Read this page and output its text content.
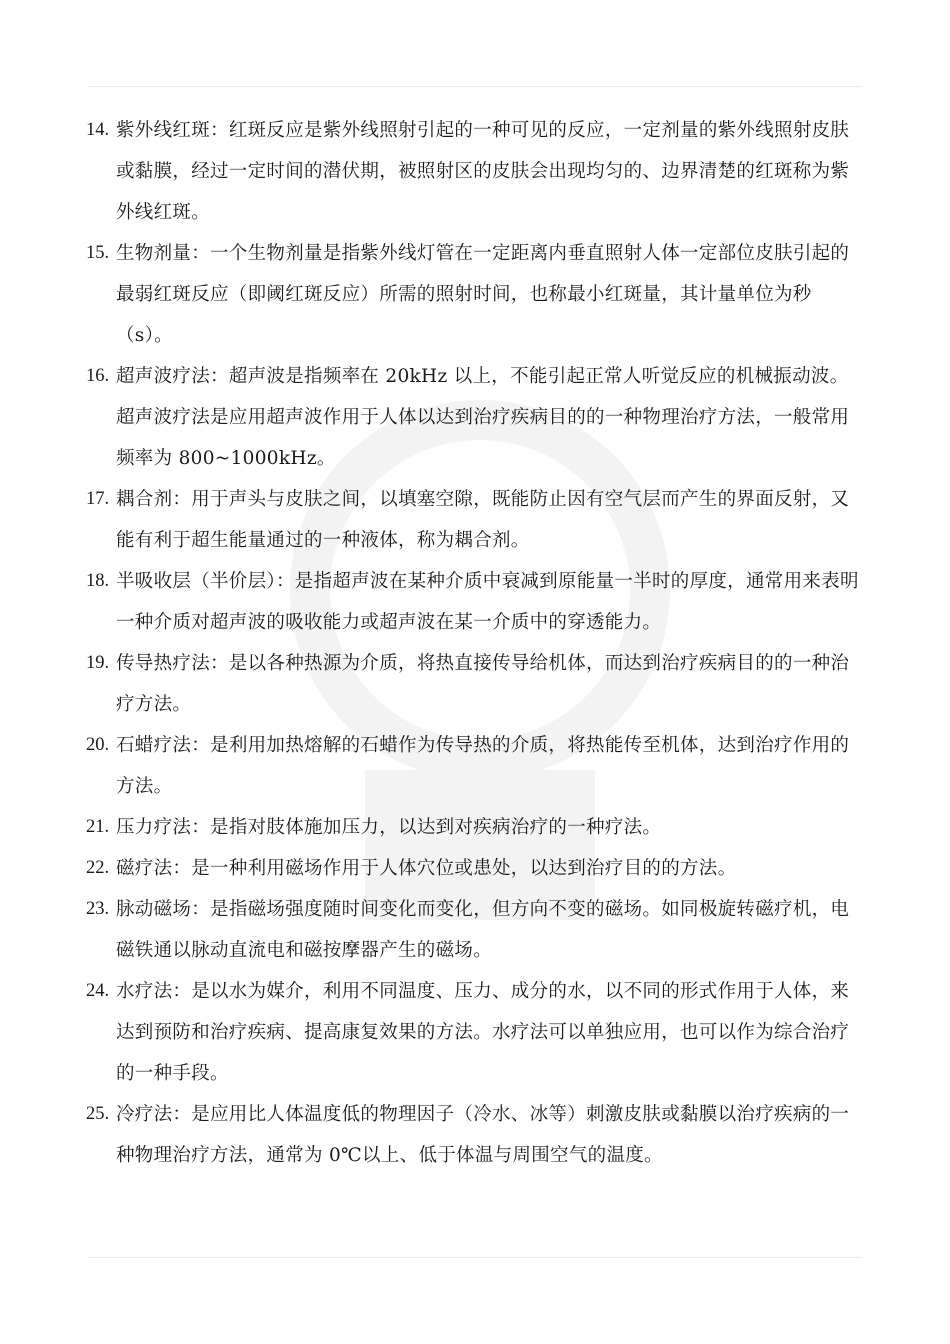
14. 紫外线红斑：红斑反应是紫外线照射引起的一种可见的反应，一定剂量的紫外线照射皮肤或黏膜，经过一定时间的潜伏期，被照射区的皮肤会出现均匀的、边界清楚的红斑称为紫外线红斑。
15. 生物剂量：一个生物剂量是指紫外线灯管在一定距离内垂直照射人体一定部位皮肤引起的最弱红斑反应（即阈红斑反应）所需的照射时间，也称最小红斑量，其计量单位为秒（s）。
16. 超声波疗法：超声波是指频率在 20kHz 以上，不能引起正常人听觉反应的机械振动波。超声波疗法是应用超声波作用于人体以达到治疗疾病目的的一种物理治疗方法，一般常用频率为 800~1000kHz。
17. 耦合剂：用于声头与皮肤之间，以填塞空隙，既能防止因有空气层而产生的界面反射，又能有利于超生能量通过的一种液体，称为耦合剂。
18. 半吸收层（半价层）：是指超声波在某种介质中衰减到原能量一半时的厚度，通常用来表明一种介质对超声波的吸收能力或超声波在某一介质中的穿透能力。
19. 传导热疗法：是以各种热源为介质，将热直接传导给机体，而达到治疗疾病目的的一种治疗方法。
20. 石蜡疗法：是利用加热熔解的石蜡作为传导热的介质，将热能传至机体，达到治疗作用的方法。
21. 压力疗法：是指对肢体施加压力，以达到对疾病治疗的一种疗法。
22. 磁疗法：是一种利用磁场作用于人体穴位或患处，以达到治疗目的的方法。
23. 脉动磁场：是指磁场强度随时间变化而变化，但方向不变的磁场。如同极旋转磁疗机，电磁铁通以脉动直流电和磁按摩器产生的磁场。
24. 水疗法：是以水为媒介，利用不同温度、压力、成分的水，以不同的形式作用于人体，来达到预防和治疗疾病、提高康复效果的方法。水疗法可以单独应用，也可以作为综合治疗的一种手段。
25. 冷疗法：是应用比人体温度低的物理因子（冷水、冰等）刺激皮肤或黏膜以治疗疾病的一种物理治疗方法，通常为 0℃以上、低于体温与周围空气的温度。
